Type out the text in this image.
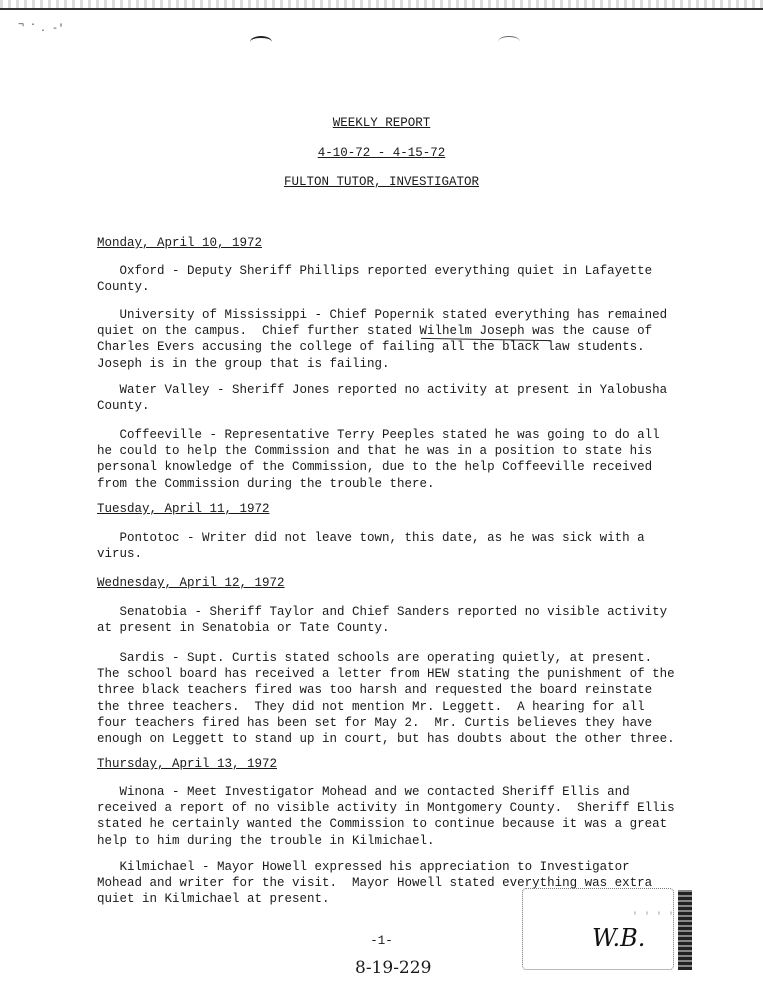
¬ · . -'
WEEKLY REPORT
4-10-72 - 4-15-72
FULTON TUTOR, INVESTIGATOR
Monday, April 10, 1972
Oxford - Deputy Sheriff Phillips reported everything quiet in Lafayette
County.
University of Mississippi - Chief Popernik stated everything has remained
quiet on the campus.  Chief further stated Wilhelm Joseph was the cause of
Charles Evers accusing the college of failing all the black law students.
Joseph is in the group that is failing.
Water Valley - Sheriff Jones reported no activity at present in Yalobusha
County.
Coffeeville - Representative Terry Peeples stated he was going to do all
he could to help the Commission and that he was in a position to state his
personal knowledge of the Commission, due to the help Coffeeville received
from the Commission during the trouble there.
Tuesday, April 11, 1972
Pontotoc - Writer did not leave town, this date, as he was sick with a
virus.
Wednesday, April 12, 1972
Senatobia - Sheriff Taylor and Chief Sanders reported no visible activity
at present in Senatobia or Tate County.
Sardis - Supt. Curtis stated schools are operating quietly, at present.
The school board has received a letter from HEW stating the punishment of the
three black teachers fired was too harsh and requested the board reinstate
the three teachers.  They did not mention Mr. Leggett.  A hearing for all
four teachers fired has been set for May 2.  Mr. Curtis believes they have
enough on Leggett to stand up in court, but has doubts about the other three.
Thursday, April 13, 1972
Winona - Meet Investigator Mohead and we contacted Sheriff Ellis and
received a report of no visible activity in Montgomery County.  Sheriff Ellis
stated he certainly wanted the Commission to continue because it was a great
help to him during the trouble in Kilmichael.
Kilmichael - Mayor Howell expressed his appreciation to Investigator
Mohead and writer for the visit.  Mayor Howell stated everything was extra
quiet in Kilmichael at present.
' ' ' '
W.B.
-1-
8-19-229
